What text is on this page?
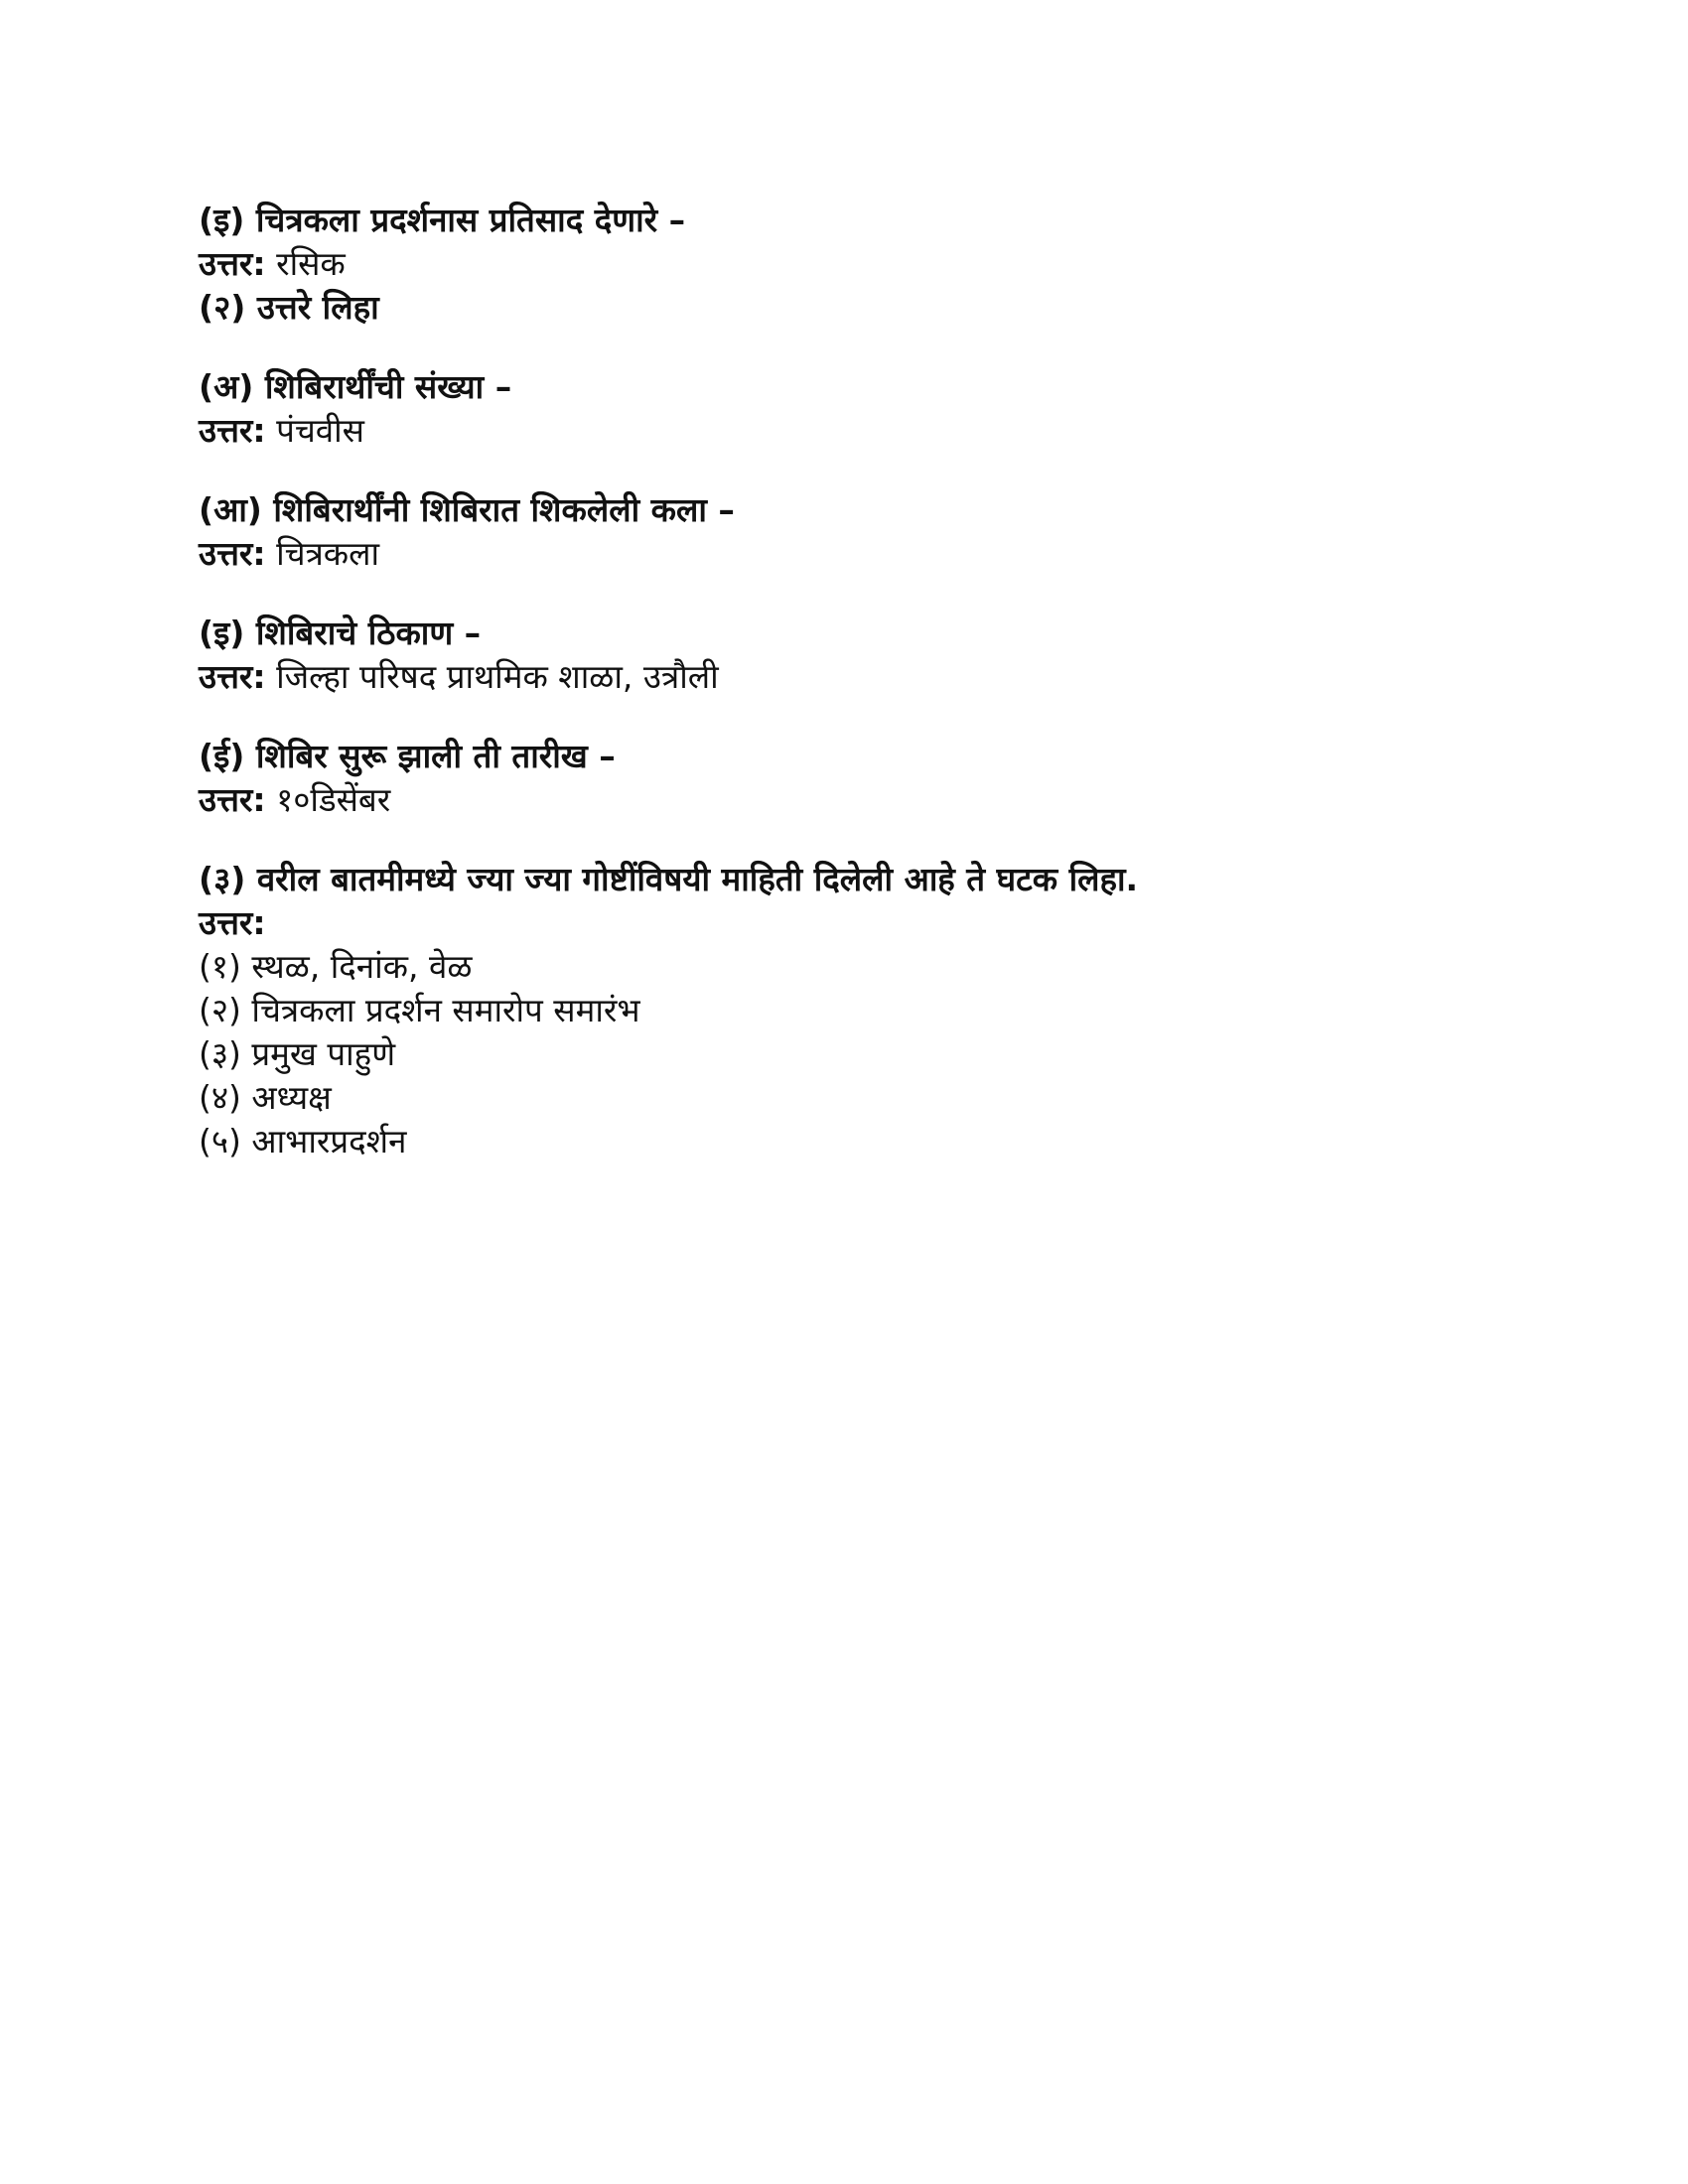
(इ) चित्रकला प्रदर्शनास प्रतिसाद देणारे –
उत्तर: रसिक
(२) उत्तरे लिहा
(अ) शिबिरार्थींची संख्या –
उत्तर: पंचवीस
(आ) शिबिरार्थींनी शिबिरात शिकलेली कला –
उत्तर: चित्रकला
(इ) शिबिराचे ठिकाण –
उत्तर: जिल्हा परिषद प्राथमिक शाळा, उत्रौली
(ई) शिबिर सुरू झाली ती तारीख –
उत्तर: १०डिसेंबर
(३) वरील बातमीमध्ये ज्या ज्या गोष्टींविषयी माहिती दिलेली आहे ते घटक लिहा.
उत्तर:
(१) स्थळ, दिनांक, वेळ
(२) चित्रकला प्रदर्शन समारोप समारंभ
(३) प्रमुख पाहुणे
(४) अध्यक्ष
(५) आभारप्रदर्शन
